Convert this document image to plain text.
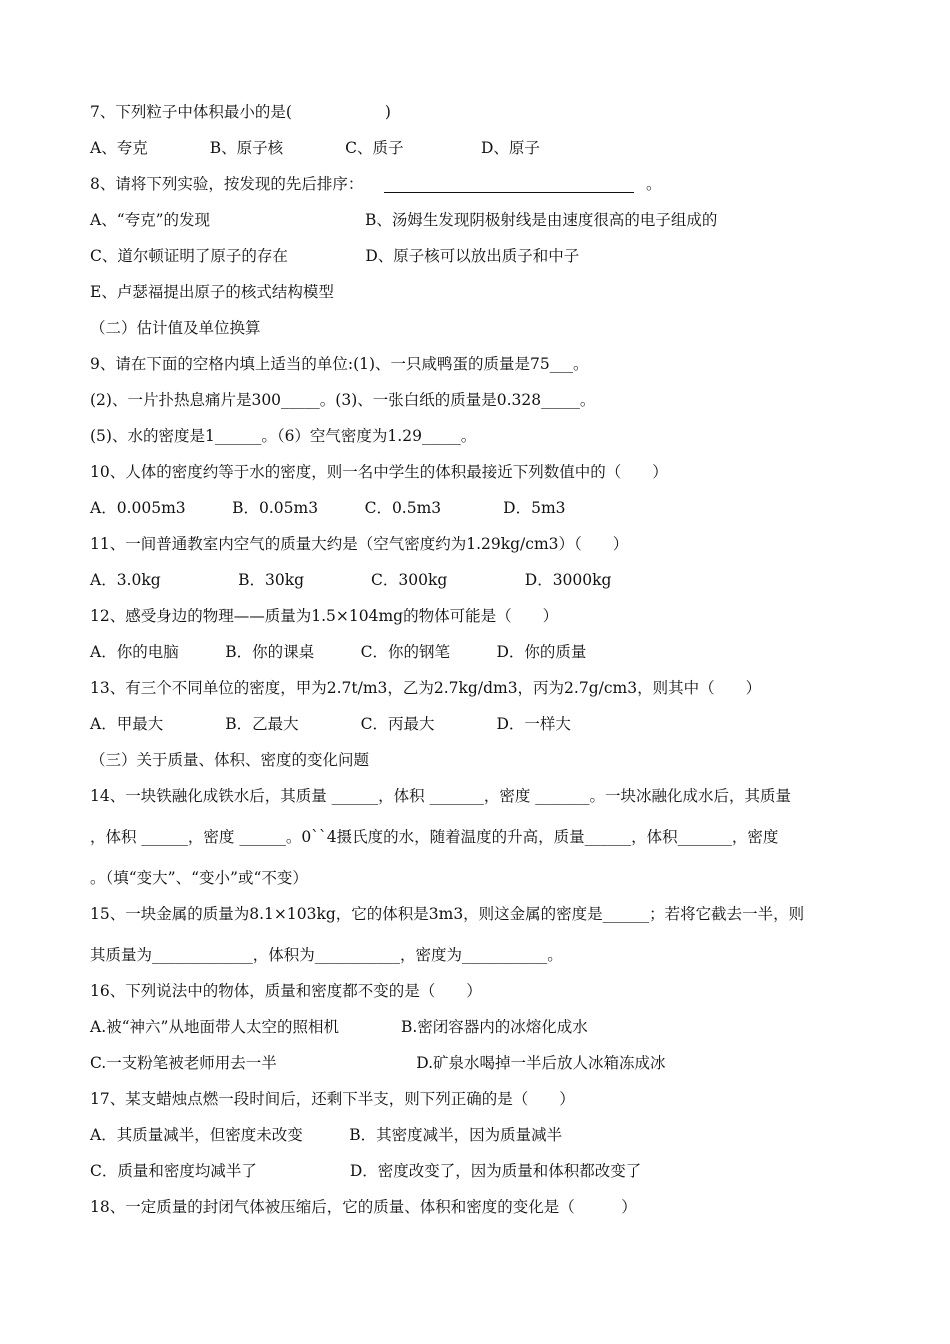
7、下列粒子中体积最小的是(　　　　　　)
A、夸克　　　　B、原子核　　　　C、质子　　　　　D、原子
8、请将下列实验，按发现的先后排序：	。
A、“夸克”的发现　　　　　　　　　　B、汤姆生发现阴极射线是由速度很高的电子组成的
C、道尔顿证明了原子的存在　　　　　D、原子核可以放出质子和中子
E、卢瑟福提出原子的核式结构模型
（二）估计值及单位换算
9、请在下面的空格内填上适当的单位:(1)、一只咸鸭蛋的质量是75___。
(2)、一片扑热息痛片是300_____。(3)、一张白纸的质量是0.328_____。
(5)、水的密度是1______。（6）空气密度为1.29_____。
10、人体的密度约等于水的密度，则一名中学生的体积最接近下列数值中的（　　）
A．0.005m3　　　B．0.05m3　　　C．0.5m3　　　　D．5m3
11、一间普通教室内空气的质量大约是（空气密度约为1.29kg/cm3）（　　）
A．3.0kg　　　　　B．30kg　　　　 C．300kg　　　　　D．3000kg
12、感受身边的物理——质量为1.5×104mg的物体可能是（　　）
A．你的电脑　　　B．你的课桌　　　C．你的钢笔　　　D．你的质量
13、有三个不同单位的密度，甲为2.7t/m3，乙为2.7kg/dm3，丙为2.7g/cm3，则其中（　　）
A．甲最大　　　　B．乙最大　　　　C．丙最大　　　　D．一样大
（三）关于质量、体积、密度的变化问题
14、一块铁融化成铁水后，其质量 ______，体积 _______，密度 _______。一块冰融化成水后，其质量
，体积 ______，密度 ______。0``4摄氏度的水，随着温度的升高，质量______，体积_______，密度
。（填“变大”、“变小”或“不变）
15、一块金属的质量为8.1×103kg，它的体积是3m3，则这金属的密度是______；若将它截去一半，则
其质量为_____________，体积为___________，密度为___________。
16、下列说法中的物体，质量和密度都不变的是（　　）
A.被“神六”从地面带人太空的照相机　　　　B.密闭容器内的冰熔化成水
C.一支粉笔被老师用去一半　　　　　　　　　D.矿泉水喝掉一半后放人冰箱冻成冰
17、某支蜡烛点燃一段时间后，还剩下半支，则下列正确的是（　　）
A．其质量减半，但密度未改变　　　B．其密度减半，因为质量减半
C．质量和密度均减半了　　　　　　D．密度改变了，因为质量和体积都改变了
18、一定质量的封闭气体被压缩后，它的质量、体积和密度的变化是（　　　）
